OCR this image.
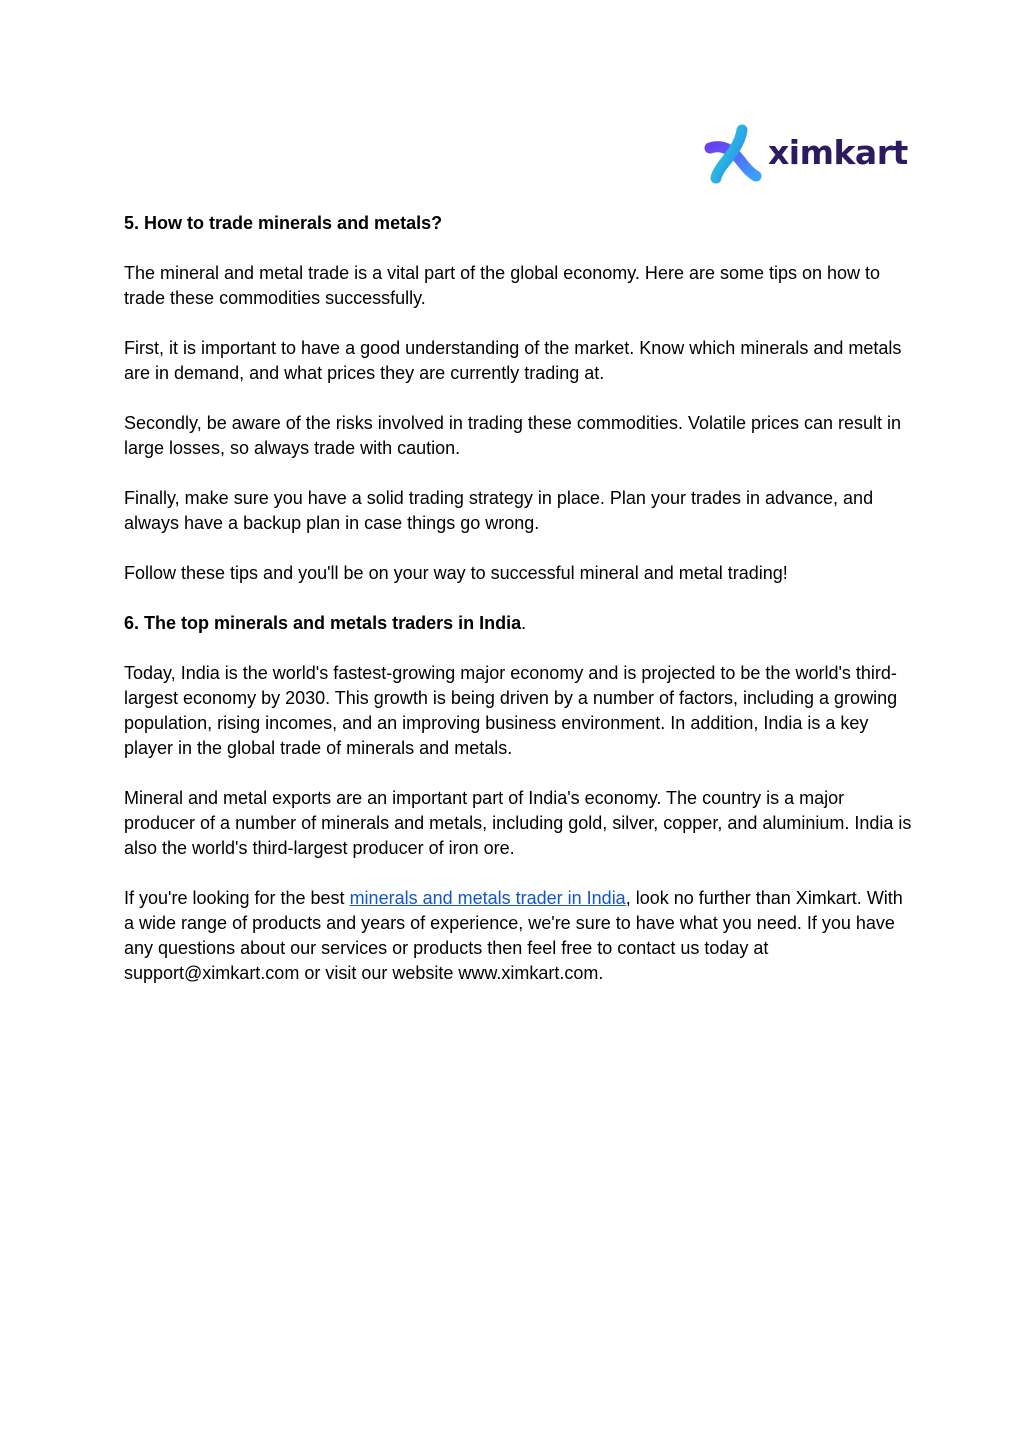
ximkart
5. How to trade minerals and metals?

The mineral and metal trade is a vital part of the global economy. Here are some tips on how to trade these commodities successfully.

First, it is important to have a good understanding of the market. Know which minerals and metals are in demand, and what prices they are currently trading at.

Secondly, be aware of the risks involved in trading these commodities. Volatile prices can result in large losses, so always trade with caution.

Finally, make sure you have a solid trading strategy in place. Plan your trades in advance, and always have a backup plan in case things go wrong.

Follow these tips and you'll be on your way to successful mineral and metal trading!

6. The top minerals and metals traders in India.

Today, India is the world's fastest-growing major economy and is projected to be the world's third-largest economy by 2030. This growth is being driven by a number of factors, including a growing population, rising incomes, and an improving business environment. In addition, India is a key player in the global trade of minerals and metals.

Mineral and metal exports are an important part of India's economy. The country is a major producer of a number of minerals and metals, including gold, silver, copper, and aluminium. India is also the world's third-largest producer of iron ore.

If you're looking for the best minerals and metals trader in India, look no further than Ximkart. With a wide range of products and years of experience, we're sure to have what you need. If you have any questions about our services or products then feel free to contact us today at support@ximkart.com or visit our website www.ximkart.com.
